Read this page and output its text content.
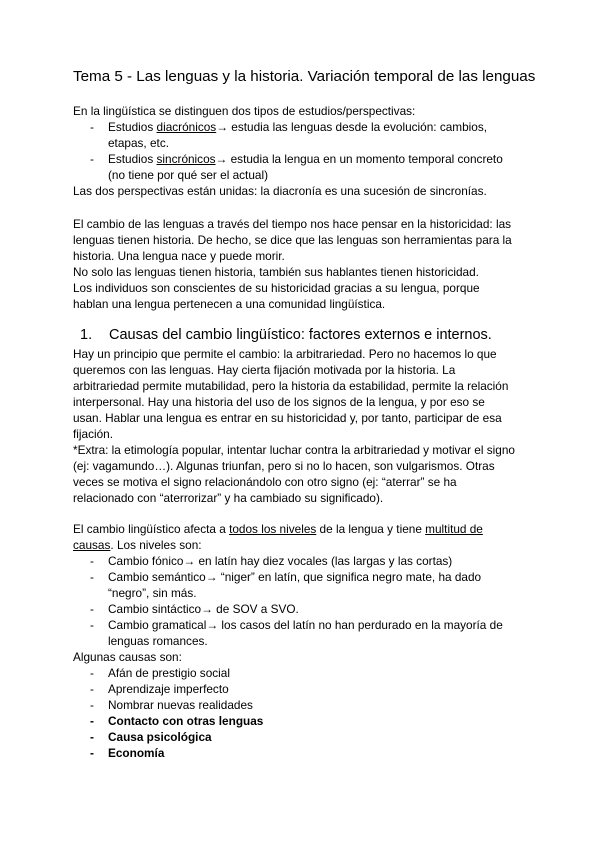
Tema 5 - Las lenguas y la historia. Variación temporal de las lenguas
En la lingüística se distinguen dos tipos de estudios/perspectivas:
- Estudios diacrónicos→ estudia las lenguas desde la evolución: cambios,
etapas, etc.
- Estudios sincrónicos→ estudia la lengua en un momento temporal concreto
(no tiene por qué ser el actual)
Las dos perspectivas están unidas: la diacronía es una sucesión de sincronías.
El cambio de las lenguas a través del tiempo nos hace pensar en la historicidad: las
lenguas tienen historia. De hecho, se dice que las lenguas son herramientas para la
historia. Una lengua nace y puede morir.
No solo las lenguas tienen historia, también sus hablantes tienen historicidad.
Los individuos son conscientes de su historicidad gracias a su lengua, porque
hablan una lengua pertenecen a una comunidad lingüística.
1. Causas del cambio lingüístico: factores externos e internos.
Hay un principio que permite el cambio: la arbitrariedad. Pero no hacemos lo que
queremos con las lenguas. Hay cierta fijación motivada por la historia. La
arbitrariedad permite mutabilidad, pero la historia da estabilidad, permite la relación
interpersonal. Hay una historia del uso de los signos de la lengua, y por eso se
usan. Hablar una lengua es entrar en su historicidad y, por tanto, participar de esa
fijación.
*Extra: la etimología popular, intentar luchar contra la arbitrariedad y motivar el signo
(ej: vagamundo…). Algunas triunfan, pero si no lo hacen, son vulgarismos. Otras
veces se motiva el signo relacionándolo con otro signo (ej: “aterrar” se ha
relacionado con “aterrorizar” y ha cambiado su significado).
El cambio lingüístico afecta a todos los niveles de la lengua y tiene multitud de
causas. Los niveles son:
- Cambio fónico→ en latín hay diez vocales (las largas y las cortas)
- Cambio semántico→ “niger” en latín, que significa negro mate, ha dado
“negro”, sin más.
- Cambio sintáctico→ de SOV a SVO.
- Cambio gramatical→ los casos del latín no han perdurado en la mayoría de
lenguas romances.
Algunas causas son:
- Afán de prestigio social
- Aprendizaje imperfecto
- Nombrar nuevas realidades
- Contacto con otras lenguas
- Causa psicológica
- Economía
